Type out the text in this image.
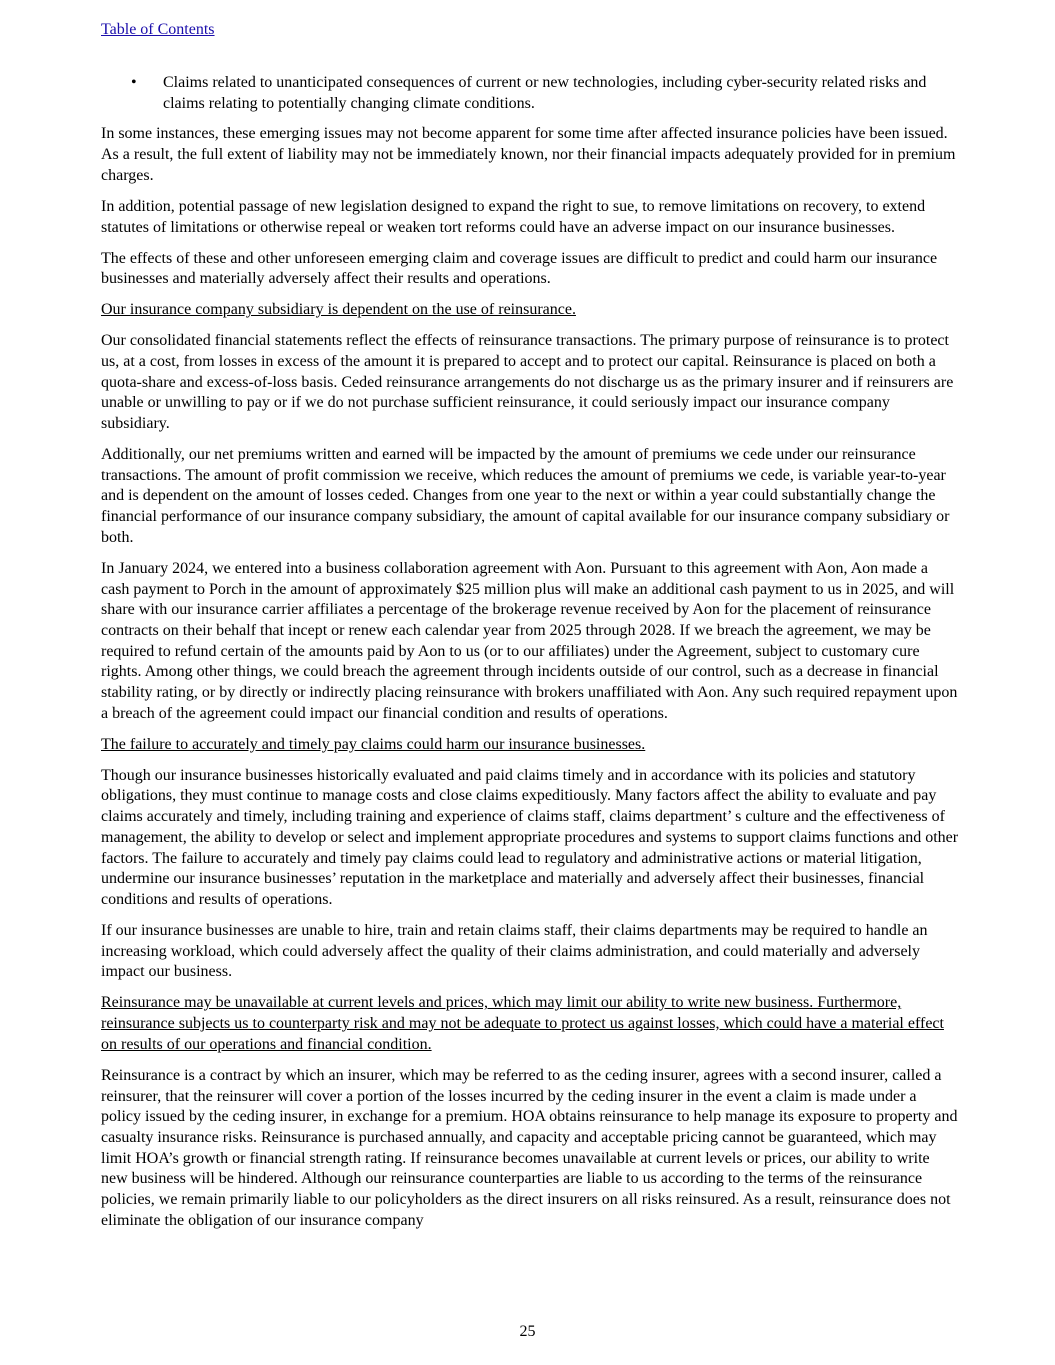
Table of Contents
•	Claims related to unanticipated consequences of current or new technologies, including cyber-security related risks and claims relating to potentially changing climate conditions.

In some instances, these emerging issues may not become apparent for some time after affected insurance policies have been issued. As a result, the full extent of liability may not be immediately known, nor their financial impacts adequately provided for in premium charges.

In addition, potential passage of new legislation designed to expand the right to sue, to remove limitations on recovery, to extend statutes of limitations or otherwise repeal or weaken tort reforms could have an adverse impact on our insurance businesses.

The effects of these and other unforeseen emerging claim and coverage issues are difficult to predict and could harm our insurance businesses and materially adversely affect their results and operations.

Our insurance company subsidiary is dependent on the use of reinsurance.

Our consolidated financial statements reflect the effects of reinsurance transactions. The primary purpose of reinsurance is to protect us, at a cost, from losses in excess of the amount it is prepared to accept and to protect our capital. Reinsurance is placed on both a quota-share and excess-of-loss basis. Ceded reinsurance arrangements do not discharge us as the primary insurer and if reinsurers are unable or unwilling to pay or if we do not purchase sufficient reinsurance, it could seriously impact our insurance company subsidiary.

Additionally, our net premiums written and earned will be impacted by the amount of premiums we cede under our reinsurance transactions. The amount of profit commission we receive, which reduces the amount of premiums we cede, is variable year-to-year and is dependent on the amount of losses ceded. Changes from one year to the next or within a year could substantially change the financial performance of our insurance company subsidiary, the amount of capital available for our insurance company subsidiary or both.

In January 2024, we entered into a business collaboration agreement with Aon. Pursuant to this agreement with Aon, Aon made a cash payment to Porch in the amount of approximately $25 million plus will make an additional cash payment to us in 2025, and will share with our insurance carrier affiliates a percentage of the brokerage revenue received by Aon for the placement of reinsurance contracts on their behalf that incept or renew each calendar year from 2025 through 2028. If we breach the agreement, we may be required to refund certain of the amounts paid by Aon to us (or to our affiliates) under the Agreement, subject to customary cure rights. Among other things, we could breach the agreement through incidents outside of our control, such as a decrease in financial stability rating, or by directly or indirectly placing reinsurance with brokers unaffiliated with Aon. Any such required repayment upon a breach of the agreement could impact our financial condition and results of operations.

The failure to accurately and timely pay claims could harm our insurance businesses.

Though our insurance businesses historically evaluated and paid claims timely and in accordance with its policies and statutory obligations, they must continue to manage costs and close claims expeditiously. Many factors affect the ability to evaluate and pay claims accurately and timely, including training and experience of claims staff, claims department’ s culture and the effectiveness of management, the ability to develop or select and implement appropriate procedures and systems to support claims functions and other factors. The failure to accurately and timely pay claims could lead to regulatory and administrative actions or material litigation, undermine our insurance businesses’ reputation in the marketplace and materially and adversely affect their businesses, financial conditions and results of operations.

If our insurance businesses are unable to hire, train and retain claims staff, their claims departments may be required to handle an increasing workload, which could adversely affect the quality of their claims administration, and could materially and adversely impact our business.

Reinsurance may be unavailable at current levels and prices, which may limit our ability to write new business. Furthermore, reinsurance subjects us to counterparty risk and may not be adequate to protect us against losses, which could have a material effect on results of our operations and financial condition.

Reinsurance is a contract by which an insurer, which may be referred to as the ceding insurer, agrees with a second insurer, called a reinsurer, that the reinsurer will cover a portion of the losses incurred by the ceding insurer in the event a claim is made under a policy issued by the ceding insurer, in exchange for a premium. HOA obtains reinsurance to help manage its exposure to property and casualty insurance risks. Reinsurance is purchased annually, and capacity and acceptable pricing cannot be guaranteed, which may limit HOA’s growth or financial strength rating. If reinsurance becomes unavailable at current levels or prices, our ability to write new business will be hindered. Although our reinsurance counterparties are liable to us according to the terms of the reinsurance policies, we remain primarily liable to our policyholders as the direct insurers on all risks reinsured. As a result, reinsurance does not eliminate the obligation of our insurance company

25
